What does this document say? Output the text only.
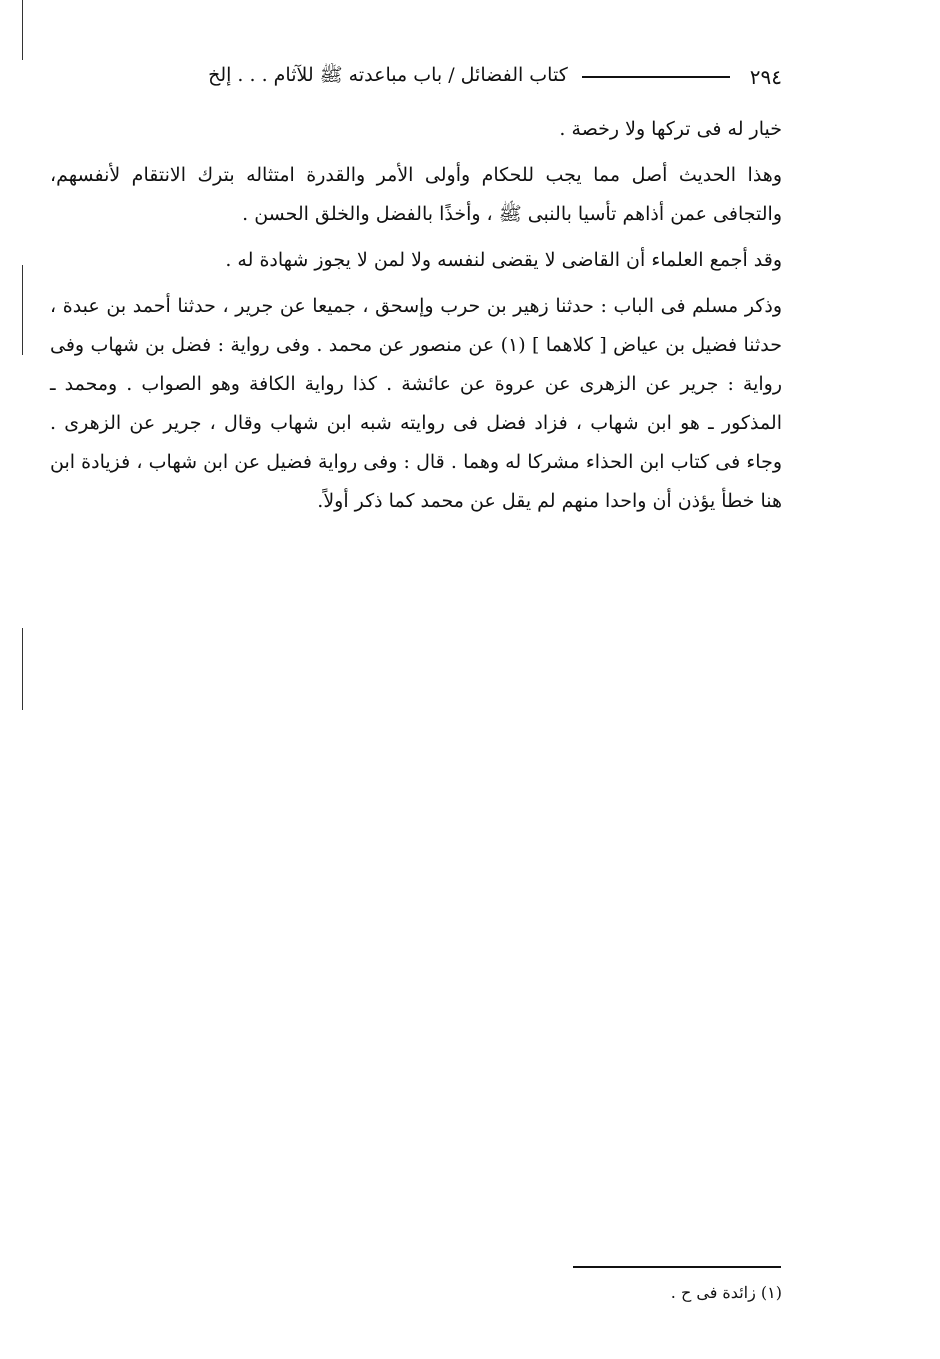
٢٩٤
كتاب الفضائل / باب مباعدته ﷺ للآثام . . . إلخ

خيار له فى تركها ولا رخصة .

وهذا الحديث أصل مما يجب للحكام وأولى الأمر والقدرة امتثاله بترك الانتقام لأنفسهم، والتجافى عمن أذاهم تأسيا بالنبى ﷺ ، وأخذًا بالفضل والخلق الحسن .

وقد أجمع العلماء أن القاضى لا يقضى لنفسه ولا لمن لا يجوز شهادة له .

وذكر مسلم فى الباب : حدثنا زهير بن حرب وإسحق ، جميعا عن جرير ، حدثنا أحمد بن عبدة ، حدثنا فضيل بن عياض [ كلاهما ] (١) عن منصور عن محمد . وفى رواية : فضل بن شهاب وفى رواية : جرير عن الزهرى عن عروة عن عائشة . كذا رواية الكافة وهو الصواب . ومحمد ـ المذكور ـ هو ابن شهاب ، فزاد فضل فى روايته شبه ابن شهاب وقال ، جرير عن الزهرى . وجاء فى كتاب ابن الحذاء مشركا له وهما . قال : وفى رواية فضيل عن ابن شهاب ، فزيادة ابن هنا خطأ يؤذن أن واحدا منهم لم يقل عن محمد كما ذكر أولاً.

(١) زائدة فى ح .
